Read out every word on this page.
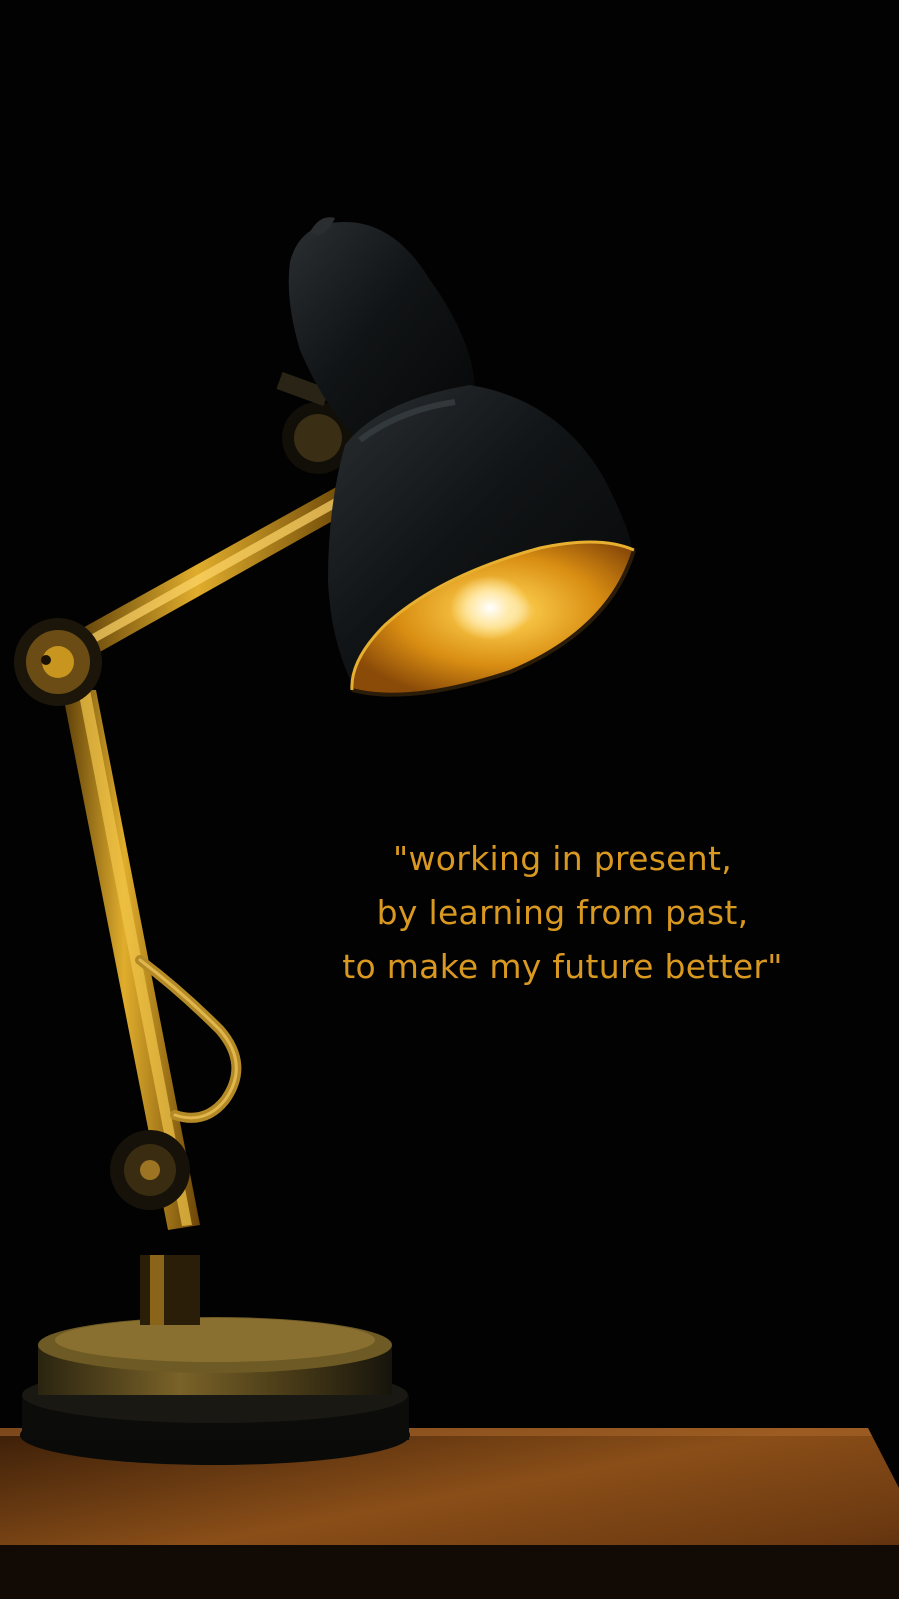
"working in present,
by learning from past,
to make my future better"
